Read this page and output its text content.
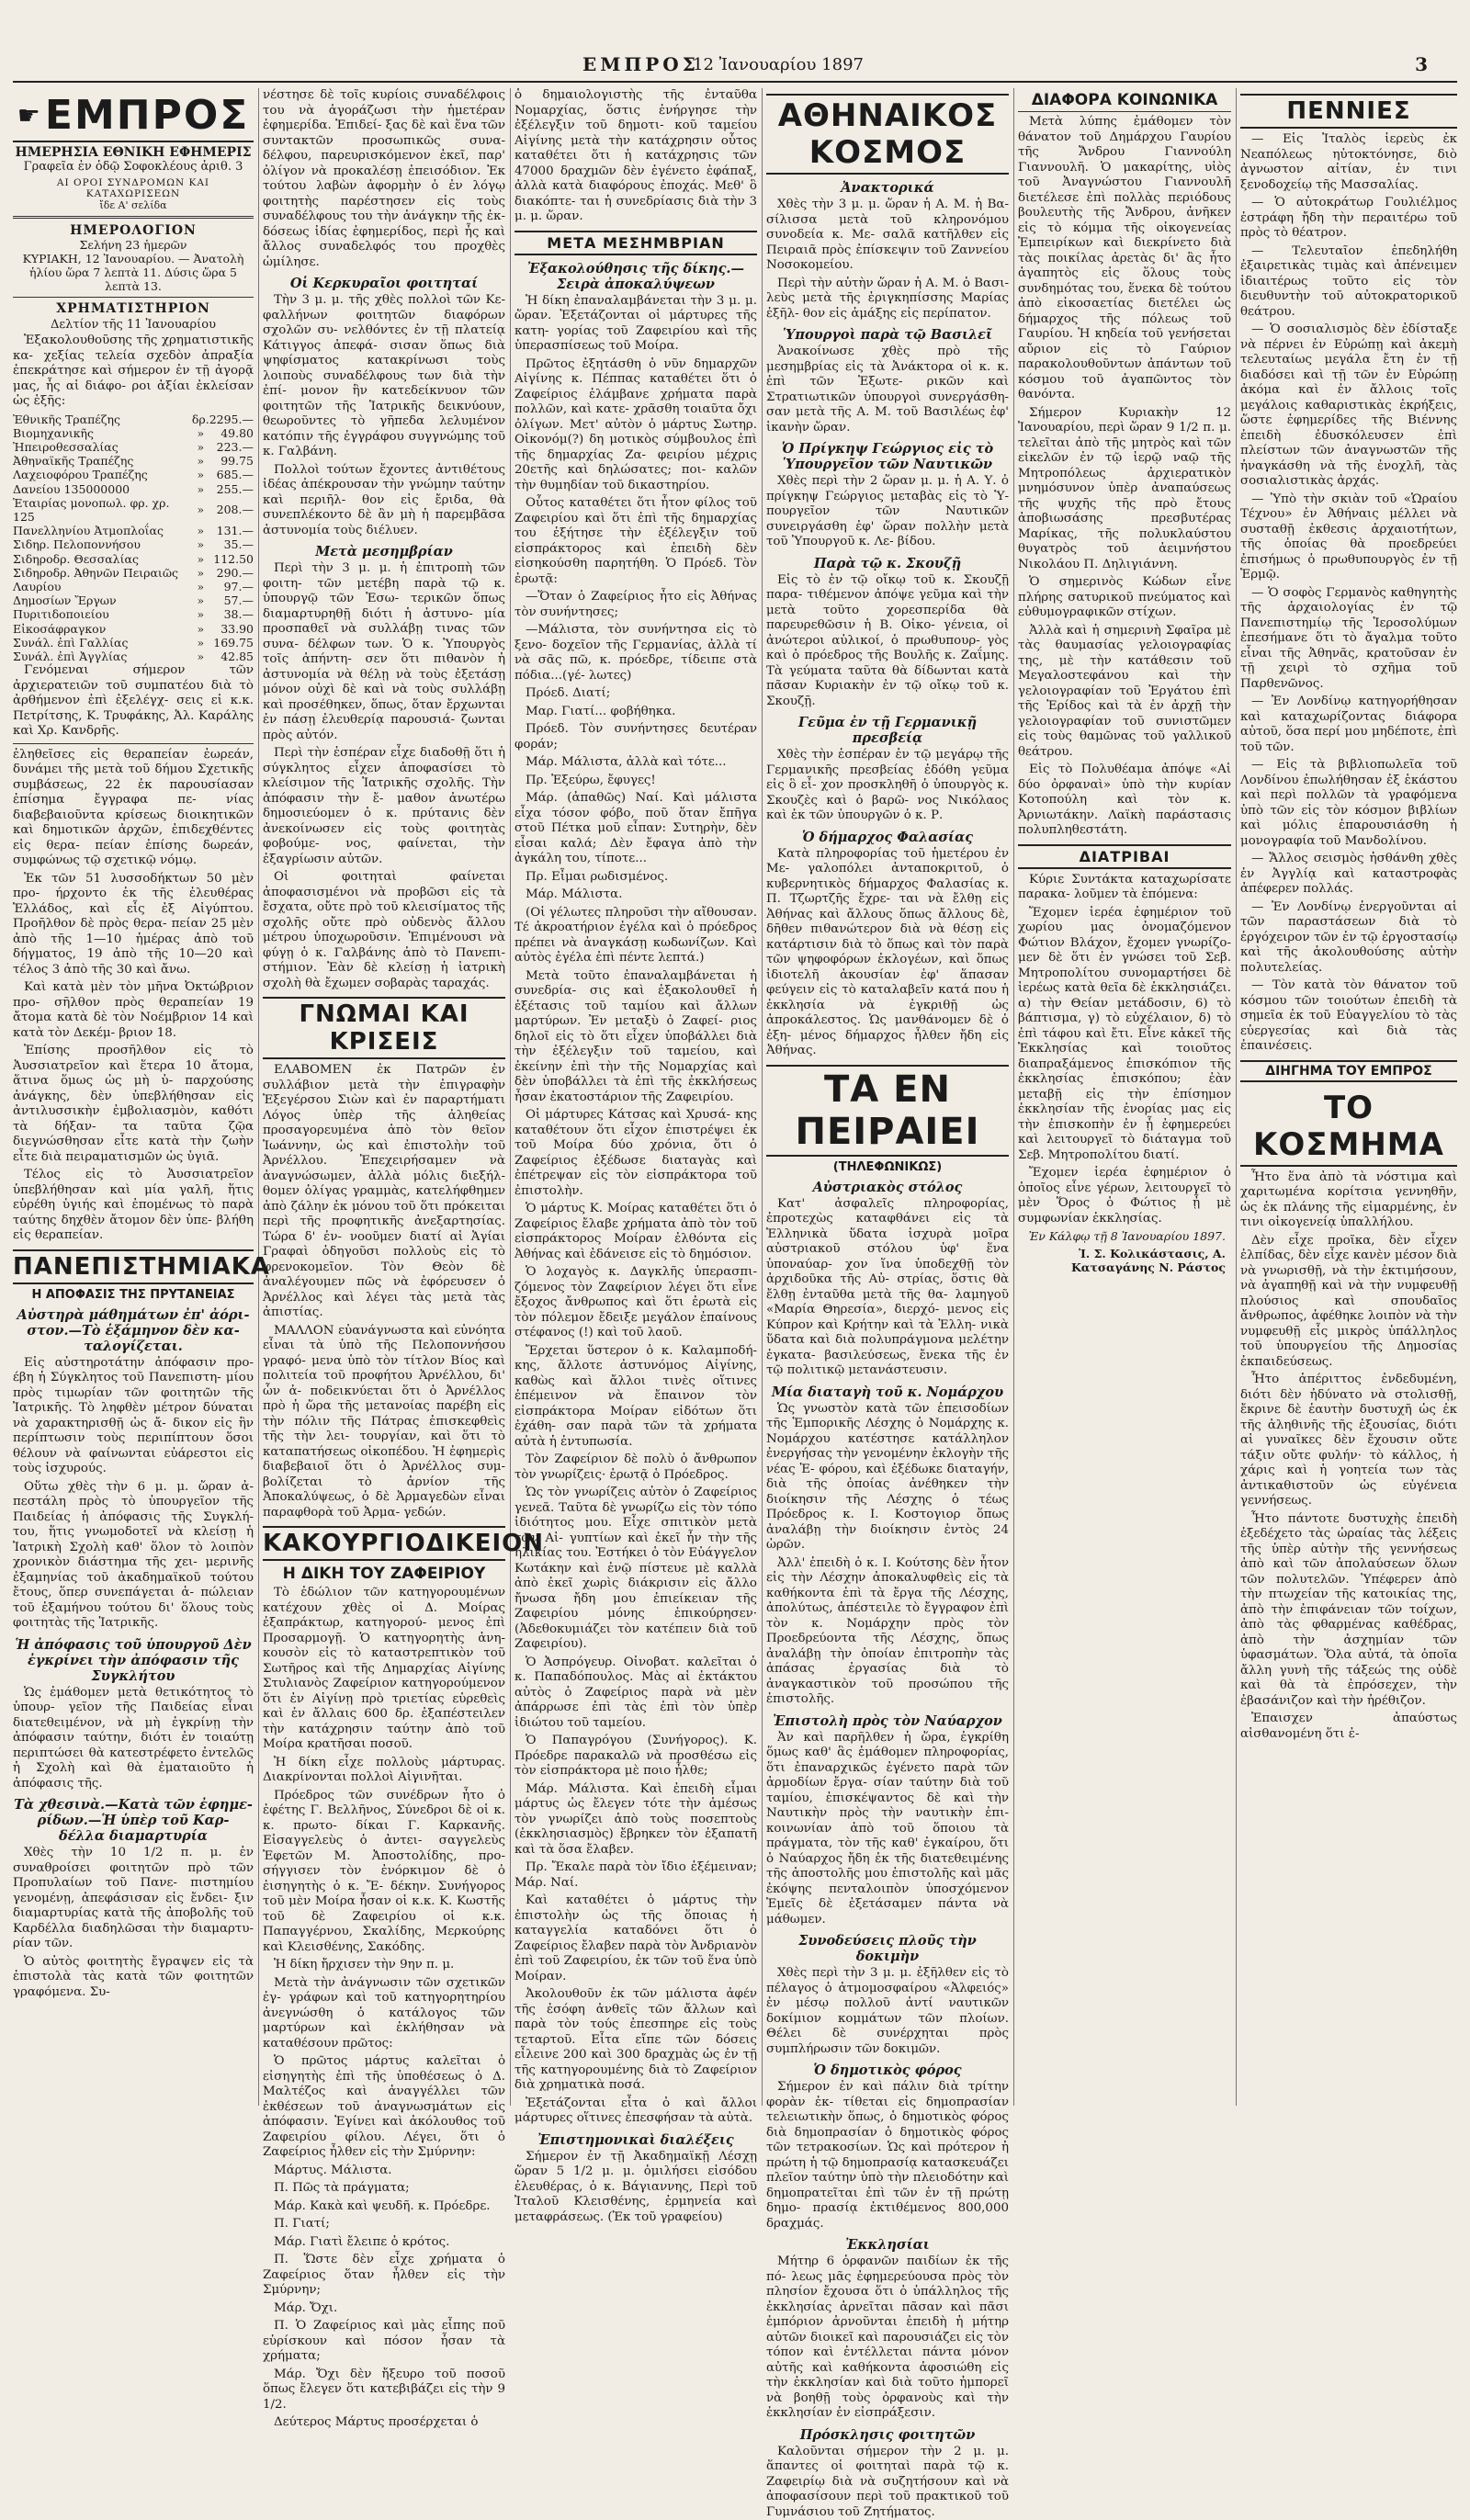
ΕΜΠΡΟΣ
12 Ἰανουαρίου 1897	3
☛ ΕΜΠΡΟΣ
ΗΜΕΡΗΣΙΑ ΕΘΝΙΚΗ ΕΦΗΜΕΡΙΣ
Γραφεῖα ἐν ὁδῷ Σοφοκλέους ἀριθ. 3
ΑΙ ΟΡΟΙ ΣΥΝΔΡΟΜΩΝ ΚΑΙ ΚΑΤΑΧΩΡΙΣΕΩΝ
ἴδε Α' σελίδα
ΗΜΕΡΟΛΟΓΙΟΝ
Σελήνη 23 ἡμερῶν
ΚΥΡΙΑΚΗ, 12 Ἰανουαρίου. — Ἀνατολὴ
ἡλίου ὥρα 7 λεπτὰ 11. Δύσις ὥρα 5 λεπτὰ 13.
ΧΡΗΜΑΤΙΣΤΗΡΙΟΝ
Δελτίον τῆς 11 Ἰανουαρίου

Ἐξακολουθοῦσης τῆς χρηματιστικῆς κα- χεξίας τελεία σχεδὸν ἀπραξία ἐπεκράτησε καὶ σήμερον ἐν τῇ ἀγορᾷ μας, ἧς αἱ διάφο- ροι ἀξίαι ἐκλείσαν ὡς ἑξῆς:

Ἐθνικῆς Τραπέζης	δρ.	2295.—
Βιομηχανικῆς	»	49.80
Ἠπειροθεσσαλίας	»	223.—
Ἀθηναϊκῆς Τραπέζης	»	99.75
Λαχειοφόρου Τραπέζης	»	685.—
Δανείου 135000000	»	255.—
Ἑταιρίας μονοπωλ. φρ. χρ. 125	»	208.—
Πανελληνίου Ἀτμοπλοΐας	»	131.—
Σιδηρ. Πελοποννήσου	»	35.—
Σιδηροδρ. Θεσσαλίας	»	112.50
Σιδηροδρ. Ἀθηνῶν Πειραιῶς	»	290.—
Λαυρίου	»	97.—
Δημοσίων Ἔργων	»	57.—
Πυριτιδοποιείου	»	38.—
Εἰκοσάφραγκον	»	33.90
Συνάλ. ἐπὶ Γαλλίας	»	169.75
Συνάλ. ἐπὶ Ἀγγλίας	»	42.85

Γενόμεναι σήμερον τῶν ἀρχιερατειῶν τοῦ συμπατέου διὰ τὸ ἀρθήμενον ἐπὶ ἐξελέγχ- σεις εἰ κ.κ. Πετρίτσης, Κ. Τρυφάκης, Ἀλ. Καράλης καὶ Χρ. Κανδρῆς.

ἐληθεῖσες εἰς θεραπείαν ἐωρεάν, δυνάμει τῆς μετὰ τοῦ δήμου Σχετικῆς συμβάσεως, 22 ἐκ παρουσίασαν ἐπίσημα ἔγγραφα πε- νίας διαβεβαιοῦντα κρίσεως διοικητικῶν καὶ δημοτικῶν ἀρχῶν, ἐπιδεχθέντες εἰς θερα- πείαν ἐπίσης δωρεάν, συμφώνως τῷ σχετικῷ νόμῳ.

Ἐκ τῶν 51 λυσσοδήκτων 50 μὲν προ- ήρχοντο ἐκ τῆς ἐλευθέρας Ἑλλάδος, καὶ εἷς ἐξ Αἰγύπτου. Προῆλθον δὲ πρὸς θερα- πείαν 25 μὲν ἀπὸ τῆς 1—10 ἡμέρας ἀπὸ τοῦ δήγματος, 19 ἀπὸ τῆς 10—20 καὶ τέλος 3 ἀπὸ τῆς 30 καὶ ἄνω.

Καὶ κατὰ μὲν τὸν μῆνα Ὀκτώβριον προ- σῆλθον πρὸς θεραπείαν 19 ἄτομα κατὰ δὲ τὸν Νοέμβριον 14 καὶ κατὰ τὸν Δεκέμ- βριον 18.

Ἐπίσης προσῆλθον εἰς τὸ Ἀυσσιατρεῖον καὶ ἕτερα 10 ἄτομα, ἅτινα ὅμως ὡς μὴ ὑ- παρχούσης ἀνάγκης, δὲν ὑπεβλήθησαν εἰς ἀντιλυσσικὴν ἐμβολιασμὸν, καθότι τὰ δήξαν- τα ταῦτα ζῷα διεγνώσθησαν εἶτε κατὰ τὴν ζωὴν εἶτε διὰ πειραματισμῶν ὡς ὑγιᾶ.

Τέλος εἰς τὸ Ἀυσσιατρεῖον ὑπεβλήθησαν καὶ μία γαλῆ, ἥτις εὑρέθη ὑγιής καὶ ἐπομένως τὸ παρὰ ταύτης δηχθὲν ἄτομον δὲν ὑπε- βλήθη εἰς θεραπείαν.

ΠΑΝΕΠΙΣΤΗΜΙΑΚΑ
Η ΑΠΟΦΑΣΙΣ ΤΗΣ ΠΡΥΤΑΝΕΙΑΣ
Αὐστηρὰ μάθημάτων ἐπ' ἀόρι- στον.—Τὸ ἑξάμηνον δὲν κα- ταλογίζεται.

Εἰς αὐστηροτάτην ἀπόφασιν προ- έβη ἡ Σύγκλητος τοῦ Πανεπιστη- μίου πρὸς τιμωρίαν τῶν φοιτητῶν τῆς Ἰατρικῆς. Τὸ ληφθὲν μέτρον δύναται νὰ χαρακτηρισθῇ ὡς ἄ- δικον εἰς ἣν περίπτωσιν τοὺς περιπίπτουν ὅσοι θέλουν νὰ φαίνωνται εὐάρεστοι εἰς τοὺς ἰσχυρούς.

Οὕτω χθὲς τὴν 6 μ. μ. ὥραν ἀ- πεστάλη πρὸς τὸ ὑπουργεῖον τῆς Παιδείας ἡ ἀπόφασις τῆς Συγκλή- του, ἥτις γνωμοδοτεῖ νὰ κλείσῃ ἡ Ἰατρικὴ Σχολὴ καθ' ὅλον τὸ λοιπὸν χρονικὸν διάστημα τῆς χει- μερινῆς ἐξαμηνίας τοῦ ἀκαδημαϊκοῦ τούτου ἔτους, ὅπερ συνεπάγεται ἀ- πώλειαν τοῦ ἑξαμήνου τούτου δι' ὅλους τοὺς φοιτητὰς τῆς Ἰατρικῆς.

Ἡ ἀπόφασις τοῦ ὑπουργοῦ Δὲν ἐγκρίνει τὴν ἀπόφασιν τῆς Συγκλήτου

Ὡς ἐμάθομεν μετὰ θετικότητος τὸ ὑπουρ- γεῖον τῆς Παιδείας εἶναι διατεθειμένον, νὰ μὴ ἐγκρίνῃ τὴν ἀπόφασιν ταύτην, διότι ἐν τοιαύτῃ περιπτώσει θὰ κατεστρέφετο ἐντελῶς ἡ Σχολὴ καὶ θὰ ἐματαιοῦτο ἡ ἀπόφασις τῆς.

Τὰ χθεσινὰ.—Κατὰ τῶν ἐφημε- ρίδων.—Ἡ ὑπὲρ τοῦ Καρ- δέλλα διαμαρτυρία

Χθὲς τὴν 10 1/2 π. μ. ἐν συναθροίσει φοιτητῶν πρὸ τῶν Προπυλαίων τοῦ Πανε- πιστημίου γενομένῃ, ἀπεφάσισαν εἰς ἔνδει- ξιν διαμαρτυρίας κατὰ τῆς ἀποβολῆς τοῦ Καρδέλλα διαδηλῶσαι τὴν διαμαρτυ- ρίαν τῶν.

Ὁ αὐτὸς φοιτητὴς ἔγραψεν εἰς τὰ ἐπιστολὰ τὰς κατὰ τῶν φοιτητῶν γραφόμενα. Συ-

νέστησε δὲ τοῖς κυρίοις συναδέλφοις του νὰ ἀγοράζωσι τὴν ἡμετέραν ἐφημερίδα. Ἐπιδεί- ξας δὲ καὶ ἕνα τῶν συντακτῶν προσωπικῶς συνα- δέλφου, παρευρισκόμενον ἐκεῖ, παρ' ὀλίγον νὰ προκαλέσῃ ἐπεισόδιον. Ἐκ τούτου λαβὼν ἀφορμὴν ὁ ἐν λόγῳ φοιτητὴς παρέστησεν εἰς τοὺς συναδέλφους του τὴν ἀνάγκην τῆς ἐκ- δόσεως ἰδίας ἐφημερίδος, περὶ ἧς καὶ ἄλλος συναδελφός του προχθὲς ὡμίλησε.

Οἱ Κερκυραῖοι φοιτηταί

Τὴν 3 μ. μ. τῆς χθὲς πολλοὶ τῶν Κε- φαλλήνων φοιτητῶν διαφόρων σχολῶν συ- νελθόντες ἐν τῇ πλατείᾳ Κάτιγγος ἀπεφά- σισαν ὅπως διὰ ψηφίσματος κατακρίνωσι τοὺς λοιποὺς συναδέλφους των διὰ τὴν ἐπί- μονον ἣν κατεδείκνυον τῶν φοιτητῶν τῆς Ἰατρικῆς δεικνύουν, θεωροῦντες τὸ γῆπεδα λελυμένον κατόπιν τῆς ἐγγράφου συγγνώμης τοῦ κ. Γαλβάνη.

Πολλοὶ τούτων ἔχοντες ἀντιθέτους ἰδέας ἀπέκρουσαν τὴν γνώμην ταύτην καὶ περιῆλ- θον εἰς ἔριδα, θὰ συνεπλέκοντο δὲ ἂν μὴ ἡ παρεμβᾶσα ἀστυνομία τοὺς διέλυεν.

Μετὰ μεσημβρίαν

Περὶ τὴν 3 μ. μ. ἡ ἐπιτροπὴ τῶν φοιτη- τῶν μετέβη παρὰ τῷ κ. ὑπουργῷ τῶν Ἐσω- τερικῶν ὅπως διαμαρτυρηθῇ διότι ἡ ἀστυνο- μία προσπαθεῖ νὰ συλλάβῃ τινας τῶν συνα- δέλφων των. Ὁ κ. Ὑπουργὸς τοῖς ἀπήντη- σεν ὅτι πιθανὸν ἡ ἀστυνομία νὰ θέλῃ νὰ τοὺς ἐξετάσῃ μόνον οὐχὶ δὲ καὶ νὰ τοὺς συλλάβῃ καὶ προσέθηκεν, ὅπως, ὅταν ἔρχωνται ἐν πάσῃ ἐλευθερίᾳ παρουσιά- ζωνται πρὸς αὐτόν.

Περὶ τὴν ἑσπέραν εἶχε διαδοθῇ ὅτι ἡ σύγκλητος εἶχεν ἀποφασίσει τὸ κλείσιμον τῆς Ἰατρικῆς σχολῆς. Τὴν ἀπόφασιν τὴν ἔ- μαθον ἀνωτέρω δημοσιεύομεν ὁ κ. πρύτανις δὲν ἀνεκοίνωσεν εἰς τοὺς φοιτητὰς φοβούμε- νος, φαίνεται, τὴν ἐξαγρίωσιν αὐτῶν.

Οἱ φοιτηταὶ φαίνεται ἀποφασισμένοι νὰ προβῶσι εἰς τὰ ἔσχατα, οὔτε πρὸ τοῦ κλεισίματος τῆς σχολῆς οὔτε πρὸ οὐδενὸς ἄλλου μέτρου ὑποχωροῦσιν. Ἐπιμένουσι νὰ φύγῃ ὁ κ. Γαλβάνης ἀπὸ τὸ Πανεπι- στήμιον. Ἐὰν δὲ κλείσῃ ἡ ἰατρικὴ σχολὴ θὰ ἔχωμεν σοβαρὰς ταραχάς.

ΓΝΩΜΑΙ ΚΑΙ ΚΡΙΣΕΙΣ

ΕΛΑΒΟΜΕΝ ἐκ Πατρῶν ἐν συλλάβιον μετὰ τὴν ἐπιγραφὴν Ἐξεγέρσου Σιὼν καὶ ἐν παραρτήματι Λόγος ὑπὲρ τῆς ἀληθείας προσαγορευμένα ἀπὸ τὸν θεῖον Ἰωάννην, ὡς καὶ ἐπιστολὴν τοῦ Ἀρνέλλου. Ἐπεχειρήσαμεν νὰ ἀναγνώσωμεν, ἀλλὰ μόλις διεξήλ- θομεν ὀλίγας γραμμὰς, κατελήφθημεν ἀπὸ ζάλην ἐκ μόνου τοῦ ὅτι πρόκειται περὶ τῆς προφητικῆς ἀνεξαρτησίας. Τώρα δ' ἐν- νοοῦμεν διατί αἱ Ἁγίαι Γραφαὶ ὁδηγοῦσι πολλοὺς εἰς τὸ φρενοκομεῖον. Τὸν Θεὸν δὲ ἀναλέγουμεν πῶς νὰ ἐφόρευσεν ὁ Ἀρνέλλος καὶ λέγει τὰς μετὰ τὰς ἀπιστίας.

ΜΑΛΛΟΝ εὐανάγνωστα καὶ εὐνόητα εἶναι τὰ ὑπὸ τῆς Πελοποννήσου γραφό- μενα ὑπὸ τὸν τίτλον Βίος καὶ πολιτεία τοῦ προφήτου Ἀρνέλλου, δι' ὧν ἀ- ποδεικνύεται ὅτι ὁ Ἀρνέλλος πρὸ ἡ ὥρα τῆς μετανοίας παρέβη εἰς τὴν πόλιν τῆς Πάτρας ἐπισκεφθεὶς τῆς τὴν λει- τουργίαν, καὶ ὅτι τὸ καταπατήσεως οἰκοπέδου. Ἡ ἐφημερὶς διαβεβαιοῖ ὅτι ὁ Ἀρνέλλος συμ- βολίζεται τὸ ἀρνίον τῆς Ἀποκαλύψεως, ὁ δὲ Ἀρμαγεδὼν εἶναι παραφθορὰ τοῦ Ἀρμα- γεδών.

ΚΑΚΟΥΡΓΙΟΔΙΚΕΙΟΝ
Η ΔΙΚΗ ΤΟΥ ΖΑΦΕΙΡΙΟΥ

Τὸ ἐδώλιον τῶν κατηγορουμένων κατέχουν χθὲς οἱ Δ. Μοίρας ἐξαπράκτωρ, κατηγορού- μενος ἐπὶ Προσαρμογῇ. Ὁ κατηγορητὴς ἀνη- κουσὸν εἰς τὸ καταστρεπτικὸν τοῦ Σωτῆρος καὶ τῆς Δημαρχίας Αἰγίνης Στυλιανὸς Ζαφείριον κατηγορούμενον ὅτι ἐν Αἰγίνῃ πρὸ τριετίας εὑρεθεὶς καὶ ἐν ἄλλαις 600 δρ. ἐξαπέστειλεν τὴν κατάχρησιν ταύτην ἀπὸ τοῦ Μοίρα κρατῆσαι ποσοῦ.

Ἡ δίκη εἶχε πολλοὺς μάρτυρας. Διακρίνονται πολλοὶ Αἰγινῆται.

Πρόεδρος τῶν συνέδρων ἦτο ὁ ἐφέτης Γ. Βελλῆνος, Σύνεδροι δὲ οἱ κ. κ. πρωτο- δίκαι Γ. Καρκανῆς. Εἰσαγγελεὺς ὁ ἀντει- σαγγελεὺς Ἐφετῶν Μ. Ἀποστολίδης, προ- σήγγισεν τὸν ἐνόρκιμον δὲ ὁ ἐισηγητὴς ὁ κ. Ἔ- δέκην. Συνήγορος τοῦ μὲν Μοίρα ἦσαν οἱ κ.κ. Κ. Κωστῆς τοῦ δὲ Ζαφειρίου οἱ κ.κ. Παπαγγέρνου, Σκαλίδης, Μερκούρης καὶ Κλεισθένης, Σακόδης.

Ἡ δίκη ἤρχισεν τὴν 9ην π. μ.

Μετὰ τὴν ἀνάγνωσιν τῶν σχετικῶν ἐγ- γράφων καὶ τοῦ κατηγορητηρίου ἀνεγνώσθη ὁ κατάλογος τῶν μαρτύρων καὶ ἐκλήθησαν νὰ καταθέσουν πρῶτος:

Ὁ πρῶτος μάρτυς καλεῖται ὁ εἰσηγητὴς ἐπὶ τῆς ὑποθέσεως ὁ Δ. Μαλτέζος καὶ ἀναγγέλλει τῶν ἐκθέσεων τοῦ ἀναγνωσμάτων εἰς ἀπόφασιν. Ἐγίνει καὶ ἀκόλουθος τοῦ Ζαφειρίου φίλου. Λέγει, ὅτι ὁ Ζαφείριος ἦλθεν εἰς τὴν Σμύρνην:

Μάρτυς. Μάλιστα.

Π. Πῶς τὰ πράγματα;

Μάρ. Κακὰ καὶ ψευδῆ. κ. Πρόεδρε.

Π. Γιατί;

Μάρ. Γιατὶ ἔλειπε ὁ κρότος.

Π. Ὥστε δὲν εἶχε χρήματα ὁ Ζαφείριος ὅταν ἦλθεν εἰς τὴν Σμύρνην;

Μάρ. Ὄχι.

Π. Ὁ Ζαφείριος καὶ μὰς εἶπης ποῦ εὑρίσκουν καὶ πόσον ἦσαν τὰ χρήματα;

Μάρ. Ὄχι δὲν ἤξευρο τοῦ ποσοῦ ὅπως ἔλεγεν ὅτι κατεβιβάζει εἰς τὴν 9 1/2.

Δεύτερος Μάρτυς προσέρχεται ὁ

ὁ δημαιολογιστὴς τῆς ἐνταῦθα Νομαρχίας, ὅστις ἐνήργησε τὴν ἐξέλεγξιν τοῦ δημοτι- κοῦ ταμείου Αἰγίνης μετὰ τὴν κατάχρησιν οὗτος καταθέτει ὅτι ἡ κατάχρησις τῶν 47000 δραχμῶν δὲν ἐγένετο ἐφάπαξ, ἀλλὰ κατὰ διαφόρους ἐποχάς. Μεθ' ὃ διακόπτε- ται ἡ συνεδρίασις διὰ τὴν 3 μ. μ. ὥραν.

ΜΕΤΑ ΜΕΣΗΜΒΡΙΑΝ
Ἐξακολούθησις τῆς δίκης.— Σειρὰ ἀποκαλύψεων

Ἡ δίκη ἐπαναλαμβάνεται τὴν 3 μ. μ. ὥραν. Ἐξετάζονται οἱ μάρτυρες τῆς κατη- γορίας τοῦ Ζαφειρίου καὶ τῆς ὑπερασπίσεως τοῦ Μοίρα.

Πρῶτος ἐξητάσθη ὁ νῦν δημαρχῶν Αἰγίνης κ. Πέππας καταθέτει ὅτι ὁ Ζαφείριος ἐλάμβανε χρήματα παρὰ πολλῶν, καὶ κατε- χρᾶσθη τοιαῦτα ὄχι ὀλίγων. Μετ' αὐτὸν ὁ μάρτυς Σωτηρ. Οἰκονόμ(?) δη μοτικὸς σύμβουλος ἐπὶ τῆς δημαρχίας Ζα- φειρίου μέχρις 20ετῆς καὶ δηλώσατες; ποι- καλῶν τὴν θυμηδίαν τοῦ δικαστηρίου.

Οὗτος καταθέτει ὅτι ἦτον φίλος τοῦ Ζαφειρίου καὶ ὅτι ἐπὶ τῆς δημαρχίας του ἐξήτησε τὴν ἐξέλεγξιν τοῦ εἰσπράκτορος καὶ ἐπειδὴ δὲν εἰσηκούσθη παρητήθη. Ὁ Πρόεδ. Τὸν ἐρωτᾷ:

—Ὅταν ὁ Ζαφείριος ἦτο εἰς Ἀθήνας τὸν συνήντησες;

—Μάλιστα, τὸν συνήντησα εἰς τὸ ξενο- δοχεῖον τῆς Γερμανίας, ἀλλὰ τί νὰ σᾶς πῶ, κ. πρόεδρε, τίδειπε στὰ πόδια...(γέ- λωτες)

Πρόεδ. Διατί;

Μαρ. Γιατί... φοβήθηκα.

Πρόεδ. Τὸν συνήντησες δευτέραν φοράν;

Μάρ. Μάλιστα, ἀλλὰ καὶ τότε...

Πρ. Ἐξεύρω, ἔφυγες!

Μάρ. (ἀπαθῶς) Ναί. Καὶ μάλιστα εἶχα τόσον φόβο, ποῦ ὅταν ἔπῆγα στοῦ Πέτκα μοῦ εἶπαν: Συτηρὴν, δὲν εἶσαι καλά; Δὲν ἔφαγα ἀπὸ τὴν ἀγκάλη του, τίποτε...

Πρ. Εἶμαι ρωδισμένος.

Μάρ. Μάλιστα.

(Οἱ γέλωτες πληροῦσι τὴν αἴθουσαν. Τέ ἀκροατήριον ἐγέλα καὶ ὁ πρόεδρος πρέπει νὰ ἀναγκάσῃ κωδωνίζων. Καὶ αὐτὸς ἐγέλα ἐπὶ πέντε λεπτά.)

Μετὰ τοῦτο ἐπαναλαμβάνεται ἡ συνεδρία- σις καὶ ἐξακολουθεῖ ἡ ἐξέτασις τοῦ ταμίου καὶ ἄλλων μαρτύρων. Ἐν μεταξὺ ὁ Ζαφεί- ριος δηλοῖ εἰς τὸ ὅτι εἶχεν ὑποβάλλει διὰ τὴν ἐξέλεγξιν τοῦ ταμείου, καὶ ἐκείνην ἐπὶ τὴν τῆς Νομαρχίας καὶ δὲν ὑποβάλλει τὰ ἐπὶ τῆς ἐκκλήσεως ἦσαν ἑκατοστάριον τῆς Ζαφειρίου.

Οἱ μάρτυρες Κάτσας καὶ Χρυσά- κης καταθέτουν ὅτι εἶχον ἐπιστρέψει ἐκ τοῦ Μοίρα δύο χρόνια, ὅτι ὁ Ζαφείριος ἐξέδωσε διαταγὰς καὶ ἐπέτρεψαν εἰς τὸν εἰσπράκτορα τοῦ ἐπιστολὴν.

Ὁ μάρτυς Κ. Μοίρας καταθέτει ὅτι ὁ Ζαφείριος ἔλαβε χρήματα ἀπὸ τὸν τοῦ εἰσπράκτορος Μοίραν ἐλθόντα εἰς Ἀθήνας καὶ ἐδάνεισε εἰς τὸ δημόσιον.

Ὁ λοχαγὸς κ. Δαγκλῆς ὑπερασπι- ζόμενος τὸν Ζαφείριον λέγει ὅτι εἶνε ἔξοχος ἄνθρωπος καὶ ὅτι ἐρωτὰ εἰς τὸν πόλεμον ἔδειξε μεγάλον ἐπαίνους στέφανος (!) καὶ τοῦ λαοῦ.

Ἔρχεται ὕστερον ὁ κ. Καλαμποδή- κης, ἄλλοτε ἀστυνόμος Αἰγίνης, καθὼς καὶ ἄλλοι τινὲς οἵτινες ἐπέμεινον νὰ ἔπαινον τὸν εἰσπράκτορα Μοίραν εἰδότων ὅτι ἐχάθη- σαν παρὰ τῶν τὰ χρήματα αὐτὰ ἡ ἐντυπωσία.

Τὸν Ζαφείριον δὲ πολὺ ὁ ἄνθρωπον τὸν γνωρίζεις· ἐρωτᾷ ὁ Πρόεδρος.

Ὡς τὸν γνωρίζεις αὐτὸν ὁ Ζαφείριος γενεᾶ. Ταῦτα δὲ γνωρίζω εἰς τὸν τόπο ἰδιότητος μου. Εἶχε σπιτικὸν μετὰ τῶν Αἰ- γυπτίων καὶ ἐκεῖ ἦν τὴν τῆς ἡλικίας του. Ἐστήκει ὁ τὸν Εὐάγγελον Κωτάκην καὶ ἐνῷ πίστευε μὲ καλλὰ ἀπὸ ἐκεῖ χωρὶς διάκρισιν εἰς ἄλλο ἤνωσα ἤδη μου ἐπιείκειαν τῆς Ζαφειρίου μόνης ἐπικούρησεν· (Ἀδεθοκυμιάζει τὸν κατέπειν διὰ τοῦ Ζαφειρίου).

Ὁ Ἀσπρόγευρ. Οἰνοβατ. καλεῖται ὁ κ. Παπαδόπουλος. Μὰς αἱ ἐκτάκτου αὐτὸς ὁ Ζαφείριος παρὰ νὰ μὲν ἀπάρρωσε ἐπὶ τὰς ἐπὶ τὸν ὑπὲρ ἰδιώτου τοῦ ταμείου.

Ὁ Παπαγρόγου (Συνήγορος). Κ. Πρόεδρε παρακαλῶ νὰ προσθέσω εἰς τὸν εἰσπράκτορα μὲ ποιο ἦλθε;

Μάρ. Μάλιστα. Καὶ ἐπειδὴ εἶμαι μάρτυς ὡς ἔλεγεν τότε τὴν ἀμέσως τὸν γνωρίζει ἀπὸ τοὺς ποσεπτοὺς (ἐκκλησιασμὸς) ἔβρηκεν τὸν ἑξαπατῆ καὶ τὰ ὅσα ἔλαβεν.

Πρ. Ἔκαλε παρὰ τὸν ἴδιο ἐξέμειναν; Μάρ. Ναί.

Καὶ καταθέτει ὁ μάρτυς τὴν ἐπιστολὴν ὡς τῆς ὅποιας ἡ καταγγελία καταδόνει ὅτι ὁ Ζαφείριος ἔλαβεν παρὰ τὸν Ἀνδριανὸν ἐπὶ τοῦ Ζαφειρίου, ἐκ τῶν τοῦ ἕνα ὑπὸ Μοίραν.

Ἀκολουθοῦν ἐκ τῶν μάλιστα ἀφέν τῆς ἐσόφη ἀνθεῖς τῶν ἄλλων καὶ παρὰ τὸν τούς ἐπεσπηρε εἰς τοὺς τεταρτοῦ. Εἶτα εἴπε τῶν δόσεις εἶλεινε 200 καὶ 300 δραχμὰς ὡς ἐν τῇ τῆς κατηγορουμένης διὰ τὸ Ζαφείριον διὰ χρηματικὰ ποσά.

Ἐξετάζονται εἶτα ὁ καὶ ἄλλοι μάρτυρες οἵτινες ἐπεσφήσαν τὰ αὐτὰ.

Ἐπιστημονικαὶ διαλέξεις

Σήμερον ἐν τῇ Ἀκαδημαϊκῇ Λέσχῃ ὥραν 5 1/2 μ. μ. ὁμιλήσει εἰσόδου ἐλευθέρας, ὁ κ. Βάγιαννης, Περὶ τοῦ Ἰταλοῦ Κλεισθένης, ἐρμηνεία καὶ μεταφράσεως. (Ἐκ τοῦ γραφείου)

ΑΘΗΝΑΙΚΟΣ ΚΟΣΜΟΣ
Ἀνακτορικά

Χθὲς τὴν 3 μ. μ. ὥραν ἡ Α. Μ. ἡ Βα- σίλισσα μετὰ τοῦ κληρονόμου συνοδεία κ. Με- σαλᾶ κατῆλθεν εἰς Πειραιᾶ πρὸς ἐπίσκεψιν τοῦ Ζαννείου Νοσοκομείου.

Περὶ τὴν αὐτὴν ὥραν ἡ Α. Μ. ὁ Βασι- λεὺς μετὰ τῆς ἐριγκηπίσσης Μαρίας ἐξῆλ- θον εἰς ἁμάξης εἰς περίπατον.

Ὑπουργοὶ παρὰ τῷ Βασιλεῖ

Ἀνακοίνωσε χθὲς πρὸ τῆς μεσημβρίας εἰς τὰ Ἀνάκτορα οἱ κ. κ. ἐπὶ τῶν Ἐξωτε- ρικῶν καὶ Στρατιωτικῶν ὑπουργοὶ συνεργάσθη- σαν μετὰ τῆς Α. Μ. τοῦ Βασιλέως ἐφ' ἱκανὴν ὥραν.

Ὁ Πρίγκηψ Γεώργιος εἰς τὸ Ὑπουργεῖον τῶν Ναυτικῶν

Χθὲς περὶ τὴν 2 ὥραν μ. μ. ἡ Α. Υ. ὁ πρίγκηψ Γεώργιος μεταβὰς εἰς τὸ Ὑ- πουργεῖον τῶν Ναυτικῶν συνειργάσθη ἐφ' ὥραν πολλὴν μετὰ τοῦ Ὑπουργοῦ κ. Λε- βίδου.

Παρὰ τῷ κ. Σκουζῇ

Εἰς τὸ ἐν τῷ οἴκῳ τοῦ κ. Σκουζῇ παρα- τιθέμενον ἀπόψε γεῦμα καὶ τὴν μετὰ τοῦτο χορεσπερίδα θὰ παρευρεθῶσιν ἡ Β. Οἰκο- γένεια, οἱ ἀνώτεροι αὐλικοί, ὁ πρωθυπουρ- γὸς καὶ ὁ πρόεδρος τῆς Βουλῆς κ. Ζαΐμης. Τὰ γεύματα ταῦτα θὰ δίδωνται κατὰ πᾶσαν Κυριακὴν ἐν τῷ οἴκῳ τοῦ κ. Σκουζῇ.

Γεῦμα ἐν τῇ Γερμανικῇ πρεσβείᾳ

Χθὲς τὴν ἑσπέραν ἐν τῷ μεγάρῳ τῆς Γερμανικῆς πρεσβείας ἐδόθη γεῦμα εἰς ὃ εἶ- χον προσκληθῆ ὁ ὑπουργὸς κ. Σκουζὲς καὶ ὁ βαρῶ- νος Νικόλαος καὶ ἐκ τῶν ὑπουργῶν ὁ κ. Ρ.

Ὁ δήμαρχος Φαλασίας

Κατὰ πληροφορίας τοῦ ἡμετέρου ἐν Με- γαλοπόλει ἀνταποκριτοῦ, ὁ κυβερνητικὸς δήμαρχος Φαλασίας κ. Π. Τζωρτζῆς ἔχρε- ται νὰ ἔλθῃ εἰς Ἀθήνας καὶ ἄλλους ὅπως ἄλλους δὲ, δῆθεν πιθανώτερον διὰ νὰ θέσῃ εἰς κατάρτισιν διὰ τὸ ὅπως καὶ τὸν παρὰ τῶν ψηφοφόρων ἐκλογέων, καὶ ὅπως ἰδιοτελῆ ἀκουσίαν ἐφ' ἅπασαν φεύγειν εἰς τὸ καταλαβεῖν κατά που ἡ ἐκκλησία νὰ ἐγκριθῇ ὡς ἀπροκάλεστος. Ὡς μανθάνομεν δὲ ὁ ἐξη- μένος δήμαρχος ἦλθεν ἤδη εἰς Ἀθήνας.

ΤΑ ΕΝ ΠΕΙΡΑΙΕΙ
(ΤΗΛΕΦΩΝΙΚΩΣ)
Αὐστριακὸς στόλος

Κατ' ἀσφαλεῖς πληροφορίας, ἐπροτεχὼς καταφθάνει εἰς τὰ Ἑλληνικὰ ὕδατα ἰσχυρὰ μοῖρα αὐστριακοῦ στόλου ὑφ' ἕνα ὑποναύαρ- χον ἵνα ὑποδεχθῇ τὸν ἀρχιδοῦκα τῆς Αὐ- στρίας, ὅστις θὰ ἔλθῃ ἐνταῦθα μετὰ τῆς θα- λαμηγοῦ «Μαρία Θηρεσία», διερχό- μενος εἰς Κύπρον καὶ Κρήτην καὶ τὰ Ἑλλη- νικὰ ὕδατα καὶ διὰ πολυπράγμονα μελέτην ἐγκατα- βασιλεύσεως, ἔνεκα τῆς ἐν τῷ πολιτικῷ μετανάστευσιν.

Μία διαταγὴ τοῦ κ. Νομάρχου

Ὡς γνωστὸν κατὰ τῶν ἐπεισοδίων τῆς Ἐμπορικῆς Λέσχης ὁ Νομάρχης κ. Νομάρχου κατέστησε κατάλληλον ἐνεργήσας τὴν γενομένην ἐκλογὴν τῆς νέας Ἐ- φόρου, καὶ ἐξέδωκε διαταγήν, διὰ τῆς ὁποίας ἀνέθηκεν τὴν διοίκησιν τῆς Λέσχης ὁ τέως Πρόεδρος κ. Ι. Κοστογιορ ὅπως ἀναλάβῃ τὴν διοίκησιν ἐντὸς 24 ὡρῶν.

Ἀλλ' ἐπειδὴ ὁ κ. Ι. Κούτσης δὲν ἦτον εἰς τὴν Λέσχην ἀποκαλυφθεὶς εἰς τὰ καθήκοντα ἐπὶ τὰ ἔργα τῆς Λέσχης, ἀπολύτως, ἀπέστειλε τὸ ἔγγραφον ἐπὶ τὸν κ. Νομάρχην πρὸς τὸν Προεδρεύοντα τῆς Λέσχης, ὅπως ἀναλάβῃ τὴν ὁποίαν ἐπιτροπὴν τὰς ἁπάσας ἐργασίας διὰ τὸ ἀναγκαστικὸν τοῦ προσώπου τῆς ἐπιστολῆς.

Ἐπιστολὴ πρὸς τὸν Ναύαρχον

Ἀν καὶ παρῆλθεν ἡ ὥρα, ἐγκρίθη ὅμως καθ' ἃς ἐμάθομεν πληροφορίας, ὅτι ἐπαναρχικῶς ἐγένετο παρὰ τῶν ἁρμοδίων ἔργα- σίαν ταύτην διὰ τοῦ ταμίου, ἐπισκέψαντος δὲ καὶ τὴν Ναυτικὴν πρὸς τὴν ναυτικὴν ἐπι- κοινωνίαν ἀπὸ τοῦ ὅποιου τὰ πράγματα, τὸν τῆς καθ' ἐγκαίρου, ὅτι ὁ Ναύαρχος ἤδη ἐκ τῆς διατεθειμένης τῆς ἀποστολῆς μου ἐπιστολῆς καὶ μᾶς ἐκόψης πενταλοιπὸν ὑποσχόμενον Ἐμεῖς δὲ ἐξετάσαμεν πάντα νὰ μάθωμεν.

Συνοδεύσεις πλοῦς τὴν δοκιμὴν

Χθὲς περὶ τὴν 3 μ. μ. ἐξῆλθεν εἰς τὸ πέλαγος ὁ ἀτμομοσφαίρου «Ἀλφειός» ἐν μέσῳ πολλοῦ ἀντί ναυτικῶν δοκίμιον κομμάτων τῶν πλοίων. Θέλει δὲ συνέρχηται πρὸς συμπλήρωσιν τῶν δοκιμῶν.

Ὁ δημοτικὸς φόρος

Σήμερον ἐν καὶ πάλιν διὰ τρίτην φορὰν ἐκ- τίθεται εἰς δημοπρασίαν τελειωτικὴν ὅπως, ὁ δημοτικὸς φόρος διὰ δημοπρασίαν ὁ δημοτικὸς φόρος τῶν τετρακοσίων. Ὡς καὶ πρότερον ἡ πρώτη ἡ τῷ δημοπρασίᾳ κατασκευάζει πλεῖον ταύτην ὑπὸ τὴν πλειοδότην καὶ δημοπρατεῖται ἐπὶ τῶν ἐν τῇ πρώτῃ δημο- πρασίᾳ ἐκτιθέμενος 800,000 δραχμάς.

Ἐκκλησίαι

Μήτηρ 6 ὀρφανῶν παιδίων ἐκ τῆς πό- λεως μᾶς ἐφημερεύουσα πρὸς τὸν πλησίον ἔχουσα ὅτι ὁ ὑπάλληλος τῆς ἐκκλησίας ἀρνεῖται πᾶσαν καὶ πᾶσι ἐμπόριον ἀρνοῦνται ἐπειδὴ ἡ μήτηρ αὐτῶν διοικεῖ καὶ παρουσιάζει εἰς τὸν τόπον καὶ ἐντέλλεται πάντα μόνον αὐτῆς καὶ καθήκοντα ἀφοσιώθη εἰς τὴν ἐκκλησίαν καὶ διὰ τοῦτο ἠμπορεῖ νὰ βοηθῇ τοὺς ὀρφανοὺς καὶ τὴν ἐκκλησίαν ἐν εἰσπράξεσιν.

Πρόσκλησις φοιτητῶν

Καλοῦνται σήμερον τὴν 2 μ. μ. ἅπαντες οἱ φοιτηταὶ παρὰ τῷ κ. Ζαφειρίῳ διὰ νὰ συζητήσουν καὶ νὰ ἀποφασίσουν περὶ τοῦ πρακτικοῦ τοῦ Γυμνάσιου τοῦ Ζητήματος.

ΔΙΑΦΟΡΑ ΚΟΙΝΩΝΙΚΑ

Μετὰ λύπης ἐμάθομεν τὸν θάνατον τοῦ Δημάρχου Γαυρίου τῆς Ἄνδρου Γιαννούλη Γιαννουλῆ. Ὁ μακαρίτης, υἱὸς τοῦ Ἀναγνώστου Γιαννουλῆ διετέλεσε ἐπὶ πολλὰς περιόδους βουλευτὴς τῆς Ἄνδρου, ἀνῆκεν εἰς τὸ κόμμα τῆς οἰκογενείας Ἐμπειρίκων καὶ διεκρίνετο διὰ τὰς ποικίλας ἀρετὰς δι' ἃς ἦτο ἀγαπητὸς εἰς ὅλους τοὺς συνδημότας του, ἕνεκα δὲ τούτου ἀπὸ εἰκοσαετίας διετέλει ὡς δήμαρχος τῆς πόλεως τοῦ Γαυρίου. Ἡ κηδεία τοῦ γενήσεται αὔριον εἰς τὸ Γαύριον παρακολουθοῦντων ἁπάντων τοῦ κόσμου τοῦ ἀγαπῶντος τὸν θανόντα.

Σήμερον Κυριακὴν 12 Ἰανουαρίου, περὶ ὥραν 9 1/2 π. μ. τελεῖται ἀπὸ τῆς μητρὸς καὶ τῶν εἰκελῶν ἐν τῷ ἱερῷ ναῷ τῆς Μητροπόλεως ἀρχιερατικὸν μνημόσυνον ὑπὲρ ἀναπαύσεως τῆς ψυχῆς τῆς πρὸ ἔτους ἀποβιωσάσης πρεσβυτέρας Μαρίκας, τῆς πολυκλαύστου θυγατρὸς τοῦ ἀειμνήστου Νικολάου Π. Δηλιγιάννη.

Ὁ σημερινὸς Κώδων εἶνε πλήρης σατυρικοῦ πνεύματος καὶ εὐθυμογραφικῶν στίχων.

Ἀλλὰ καὶ ἡ σημερινὴ Σφαῖρα μὲ τὰς θαυμασίας γελοιογραφίας της, μὲ τὴν κατάθεσιν τοῦ Μεγαλοστεφάνου καὶ τὴν γελοιογραφίαν τοῦ Ἐργάτου ἐπὶ τῆς Ἐρίδος καὶ τὰ ἐν ἀρχῇ τὴν γελοιογραφίαν τοῦ συνιστῶμεν εἰς τοὺς θαμῶνας τοῦ γαλλικοῦ θεάτρου.

Εἰς τὸ Πολυθέαμα ἀπόψε «Αἱ δύο ὀρφαναὶ» ὑπὸ τὴν κυρίαν Κοτοπούλη καὶ τὸν κ. Ἀρνιωτάκην. Λαϊκὴ παράστασις πολυπληθεστάτη.

ΔΙΑΤΡΙΒΑΙ

Κύριε Συντάκτα καταχωρίσατε παρακα- λοῦμεν τὰ ἑπόμενα:

Ἔχομεν ἱερέα ἐφημέριον τοῦ χωρίου μας ὀνομαζόμενον Φώτιον Βλάχον, ἔχομεν γνωρίζο- μεν δὲ ὅτι ἐν γνώσει τοῦ Σεβ. Μητροπολίτου συνομαρτήσει δὲ ἱερέως κατὰ θεῖα δὲ ἐκκλησιάζει. α) τὴν Θείαν μετάδοσιν, 6) τὸ βάπτισμα, γ) τὸ εὐχέλαιον, δ) τὸ ἐπὶ τάφου καὶ ἔτι. Εἶνε κἀκεῖ τῆς Ἐκκλησίας καὶ τοιοῦτος διαπραξάμενος ἐπισκόπιον τῆς ἐκκλησίας ἐπισκόπου; ἐὰν μεταβῇ εἰς τὴν ἐπίσημον ἐκκλησίαν τῆς ἐνορίας μας εἰς τὴν ἐπισκοπὴν ἐν ᾗ ἐφημερεύει καὶ λειτουργεῖ τὸ διάταγμα τοῦ Σεβ. Μητροπολίτου διατί.

Ἔχομεν ἱερέα ἐφημέριον ὁ ὁποῖος εἶνε γέρων, λειτουργεῖ τὸ μὲν Ὅρος ὁ Φώτιος ᾖ μὲ συμφωνίαν ἐκκλησίας.

Ἐν Κάλφῳ τῇ 8 Ἰανουαρίου 1897.
Ἰ. Σ. Κολικάστασις, Α. Κατσαγάνης Ν. Ράστος
ΠΕΝΝΙΕΣ

— Εἰς Ἰταλὸς ἱερεὺς ἐκ Νεαπόλεως ηὐτοκτόνησε, διὸ ἀγνωστον αἰτίαν, ἐν τινι ξενοδοχείῳ τῆς Μασσαλίας.

— Ὁ αὐτοκράτωρ Γουλιέλμος ἐστράφη ἤδη τὴν περαιτέρω τοῦ πρὸς τὸ θέατρον.

— Τελευταῖον ἐπεδηλήθη ἐξαιρετικὰς τιμὰς καὶ ἀπένειμεν ἰδιαιτέρως τοῦτο εἰς τὸν διευθυντὴν τοῦ αὐτοκρατορικοῦ θεάτρου.

— Ὁ σοσιαλισμὸς δὲν ἐδίσταξε νὰ πέρνει ἐν Εὐρώπῃ καὶ ἀκεμὴ τελευταίως μεγάλα ἔτη ἐν τῇ διαδόσει καὶ τῇ τῶν ἐν Εὐρώπῃ ἀκόμα καὶ ἐν ἄλλοις τοῖς μεγάλοις καθαριστικὰς ἐκρήξεις, ὥστε ἐφημερίδες τῆς Βιέννης ἐπειδὴ ἐδυσκόλευσεν ἐπὶ πλείστων τῶν ἀναγνωστῶν τῆς ἠναγκάσθη νὰ τῆς ἐνοχλῆ, τὰς σοσιαλιστικὰς ἀρχάς.

— Ὑπὸ τὴν σκιὰν τοῦ «Ὡραίου Τέχνου» ἐν Ἀθήναις μέλλει νὰ συσταθῇ ἐκθεσις ἀρχαιοτήτων, τῆς ὁποίας θὰ προεδρεύει ἐπισήμως ὁ πρωθυπουργὸς ἐν τῇ Ἑρμῷ.

— Ὁ σοφὸς Γερμανὸς καθηγητὴς τῆς ἀρχαιολογίας ἐν τῷ Πανεπιστημίῳ τῆς Ἱεροσολύμων ἐπεσήμανε ὅτι τὸ ἄγαλμα τοῦτο εἶναι τῆς Ἀθηνᾶς, κρατοῦσαν ἐν τῇ χειρὶ τὸ σχῆμα τοῦ Παρθενῶνος.

— Ἐν Λονδίνῳ κατηγορήθησαν καὶ καταχωρίζοντας διάφορα αὐτοῦ, ὅσα περί μου μηδέποτε, ἐπὶ τοῦ τῶν.

— Εἰς τὰ βιβλιοπωλεῖα τοῦ Λονδίνου ἐπωλήθησαν ἐξ ἑκάστου καὶ περὶ πολλῶν τὰ γραφόμενα ὑπὸ τῶν εἰς τὸν κόσμον βιβλίων καὶ μόλις ἐπαρουσιάσθη ἡ μονογραφία τοῦ Μανδολίνου.

— Ἄλλος σεισμὸς ἠσθάνθη χθὲς ἐν Ἀγγλίᾳ καὶ καταστροφὰς ἀπέφερεν πολλάς.

— Ἐν Λονδίνῳ ἐνεργοῦνται αἱ τῶν παραστάσεων διὰ τὸ ἐργόχειρον τῶν ἐν τῷ ἐργοστασίῳ καὶ τῆς ἀκολουθούσης αὐτὴν πολυτελείας.

— Τὸν κατὰ τὸν θάνατον τοῦ κόσμου τῶν τοιούτων ἐπειδὴ τὰ σημεῖα ἐκ τοῦ Εὐαγγελίου τὸ τὰς εὐεργεσίας καὶ διὰ τὰς ἐπαινέσεις.

ΔΙΗΓΗΜΑ ΤΟΥ ΕΜΠΡΟΣ
ΤΟ ΚΟΣΜΗΜΑ

Ἦτο ἕνα ἀπὸ τὰ νόστιμα καὶ χαριτωμένα κορίτσια γεννηθῆν, ὡς ἐκ πλάνης τῆς εἱμαρμένης, ἐν τινι οἰκογενείᾳ ὑπαλλήλου.

Δὲν εἶχε προῖκα, δὲν εἶχεν ἐλπίδας, δὲν εἶχε κανὲν μέσον διὰ νὰ γνωρισθῇ, νὰ τὴν ἐκτιμήσουν, νὰ ἀγαπηθῇ καὶ νὰ τὴν νυμφευθῇ πλούσιος καὶ σπουδαῖος ἄνθρωπος, ἀφέθηκε λοιπὸν νὰ τὴν νυμφευθῇ εἷς μικρὸς ὑπάλληλος τοῦ ὑπουργείου τῆς Δημοσίας ἐκπαιδεύσεως.

Ἦτο ἀπέριττος ἐνδεδυμένη, διότι δὲν ἠδύνατο νὰ στολισθῇ, ἔκρινε δὲ ἑαυτὴν δυστυχῆ ὡς ἐκ τῆς ἀληθινῆς τῆς ἐξουσίας, διότι αἱ γυναῖκες δὲν ἔχουσιν οὔτε τάξιν οὔτε φυλήν· τὸ κάλλος, ἡ χάρις καὶ ἡ γοητεία των τὰς ἀντικαθιστοῦν ὡς εὐγένεια γεννήσεως.

Ἦτο πάντοτε δυστυχὴς ἐπειδὴ ἐξεδέχετο τὰς ὡραίας τὰς λέξεις τῆς ὑπὲρ αὐτὴν τῆς γεννήσεως ἀπὸ καὶ τῶν ἀπολαύσεων ὅλων τῶν πολυτελῶν. Ὑπέφερεν ἀπὸ τὴν πτωχείαν τῆς κατοικίας της, ἀπὸ τὴν ἐπιφάνειαν τῶν τοίχων, ἀπὸ τὰς φθαρμένας καθέδρας, ἀπὸ τὴν ἀσχημίαν τῶν ὑφασμάτων. Ὅλα αὐτά, τὰ ὁποῖα ἄλλη γυνὴ τῆς τάξεώς της οὐδὲ καὶ θὰ τὰ ἐπρόσεχεν, τὴν ἐβασάνιζον καὶ τὴν ἠρέθιζον.

Ἐπαισχεν ἀπαύστως αἰσθανομένη ὅτι ἐ-
